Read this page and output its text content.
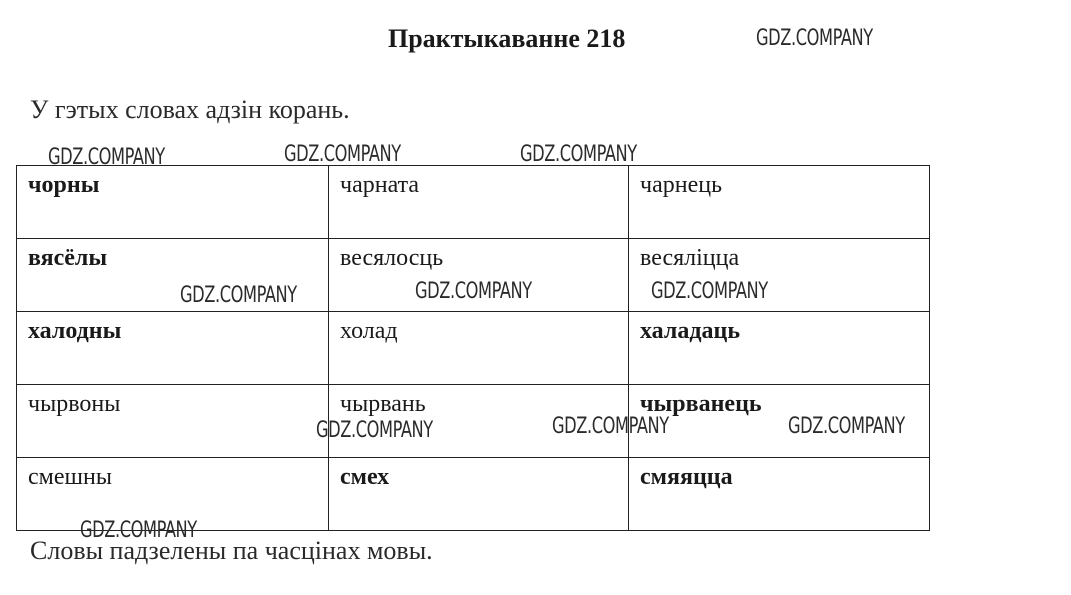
Практыкаванне 218
У гэтых словах адзін корань.
чорны	чарната	чарнець
вясёлы	весялосць	весяліцца
халодны	холад	халадаць
чырвоны	чырвань	чырванець
смешны	смех	смяяцца
Словы падзелены па часцінах мовы.
GDZ.COMPANY
GDZ.COMPANY	GDZ.COMPANY	GDZ.COMPANY
GDZ.COMPANY	GDZ.COMPANY	GDZ.COMPANY
GDZ.COMPANY	GDZ.COMPANY	GDZ.COMPANY
GDZ.COMPANY
